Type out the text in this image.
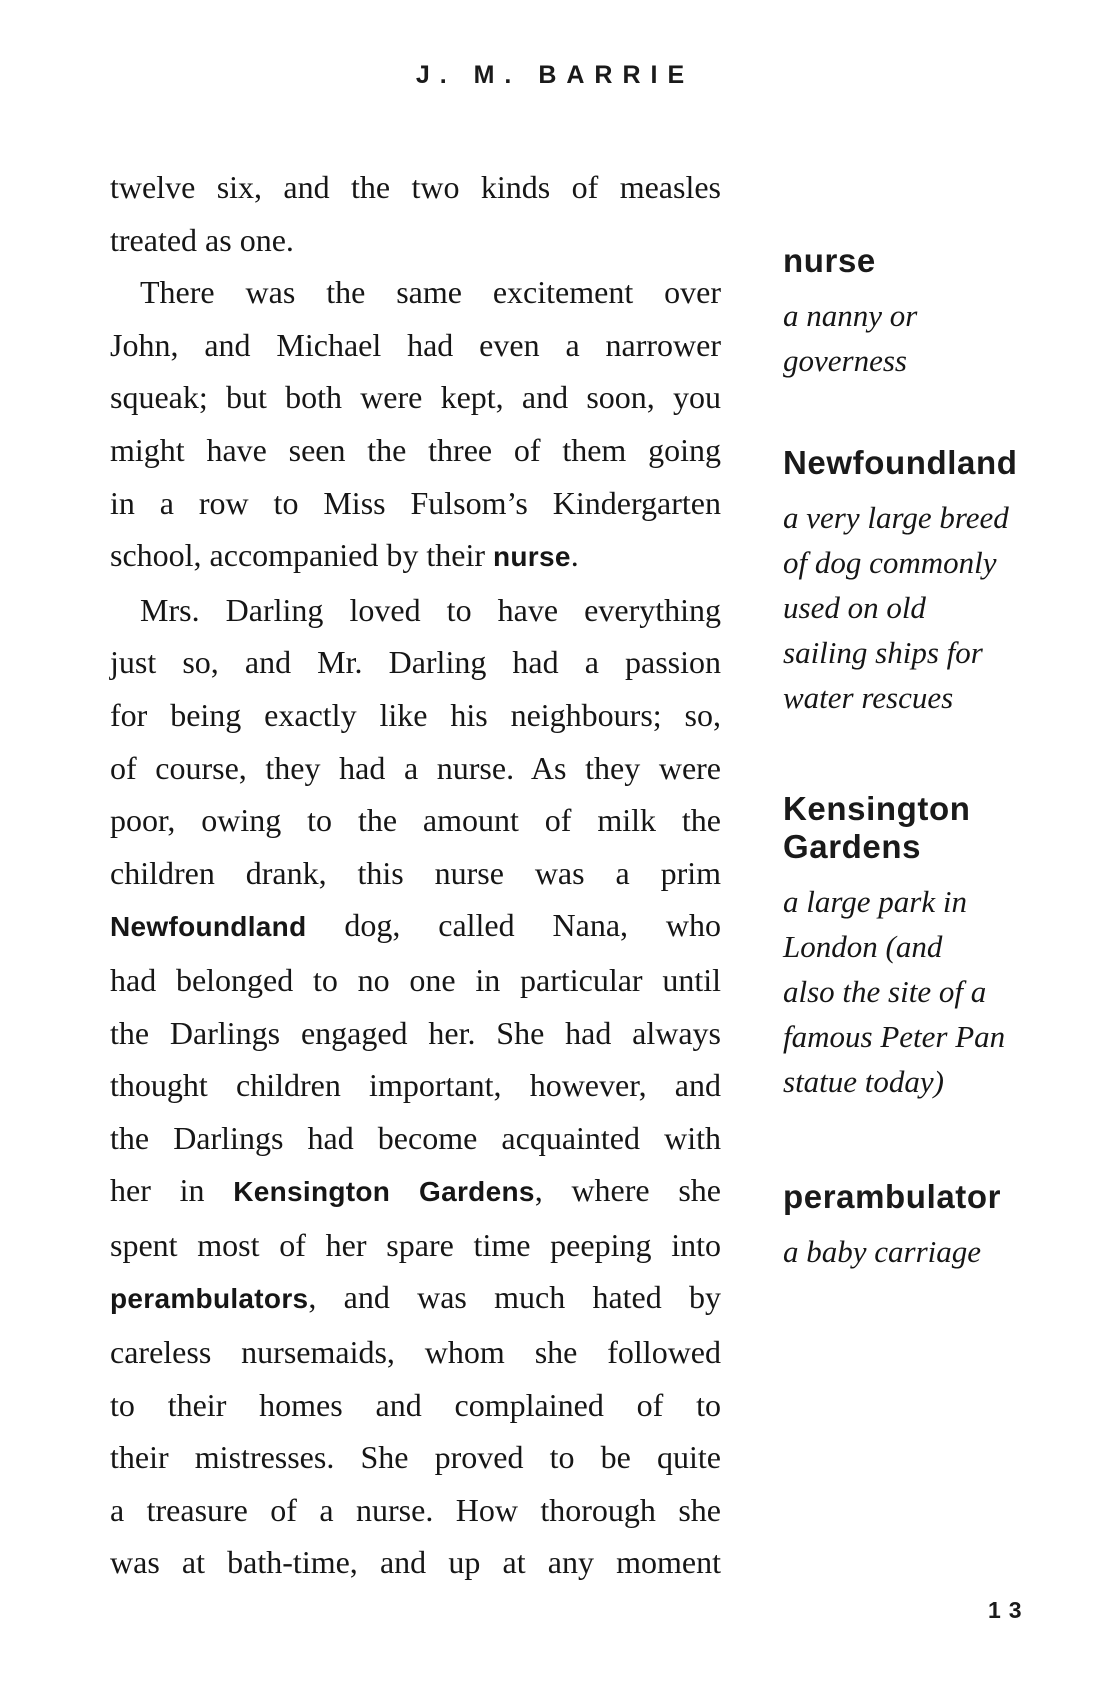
J. M. BARRIE
twelve six, and the two kinds of measles
treated as one.
There was the same excitement over
John, and Michael had even a narrower
squeak; but both were kept, and soon, you
might have seen the three of them going
in a row to Miss Fulsom’s Kindergarten
school, accompanied by their nurse.
Mrs. Darling loved to have everything
just so, and Mr. Darling had a passion
for being exactly like his neighbours; so,
of course, they had a nurse. As they were
poor, owing to the amount of milk the
children drank, this nurse was a prim
Newfoundland dog, called Nana, who
had belonged to no one in particular until
the Darlings engaged her. She had always
thought children important, however, and
the Darlings had become acquainted with
her in Kensington Gardens, where she
spent most of her spare time peeping into
perambulators, and was much hated by
careless nursemaids, whom she followed
to their homes and complained of to
their mistresses. She proved to be quite
a treasure of a nurse. How thorough she
was at bath-time, and up at any moment
nurse
a nanny or
governess
Newfoundland
a very large breed
of dog commonly
used on old
sailing ships for
water rescues
Kensington Gardens
a large park in
London (and
also the site of a
famous Peter Pan
statue today)
perambulator
a baby carriage
13
